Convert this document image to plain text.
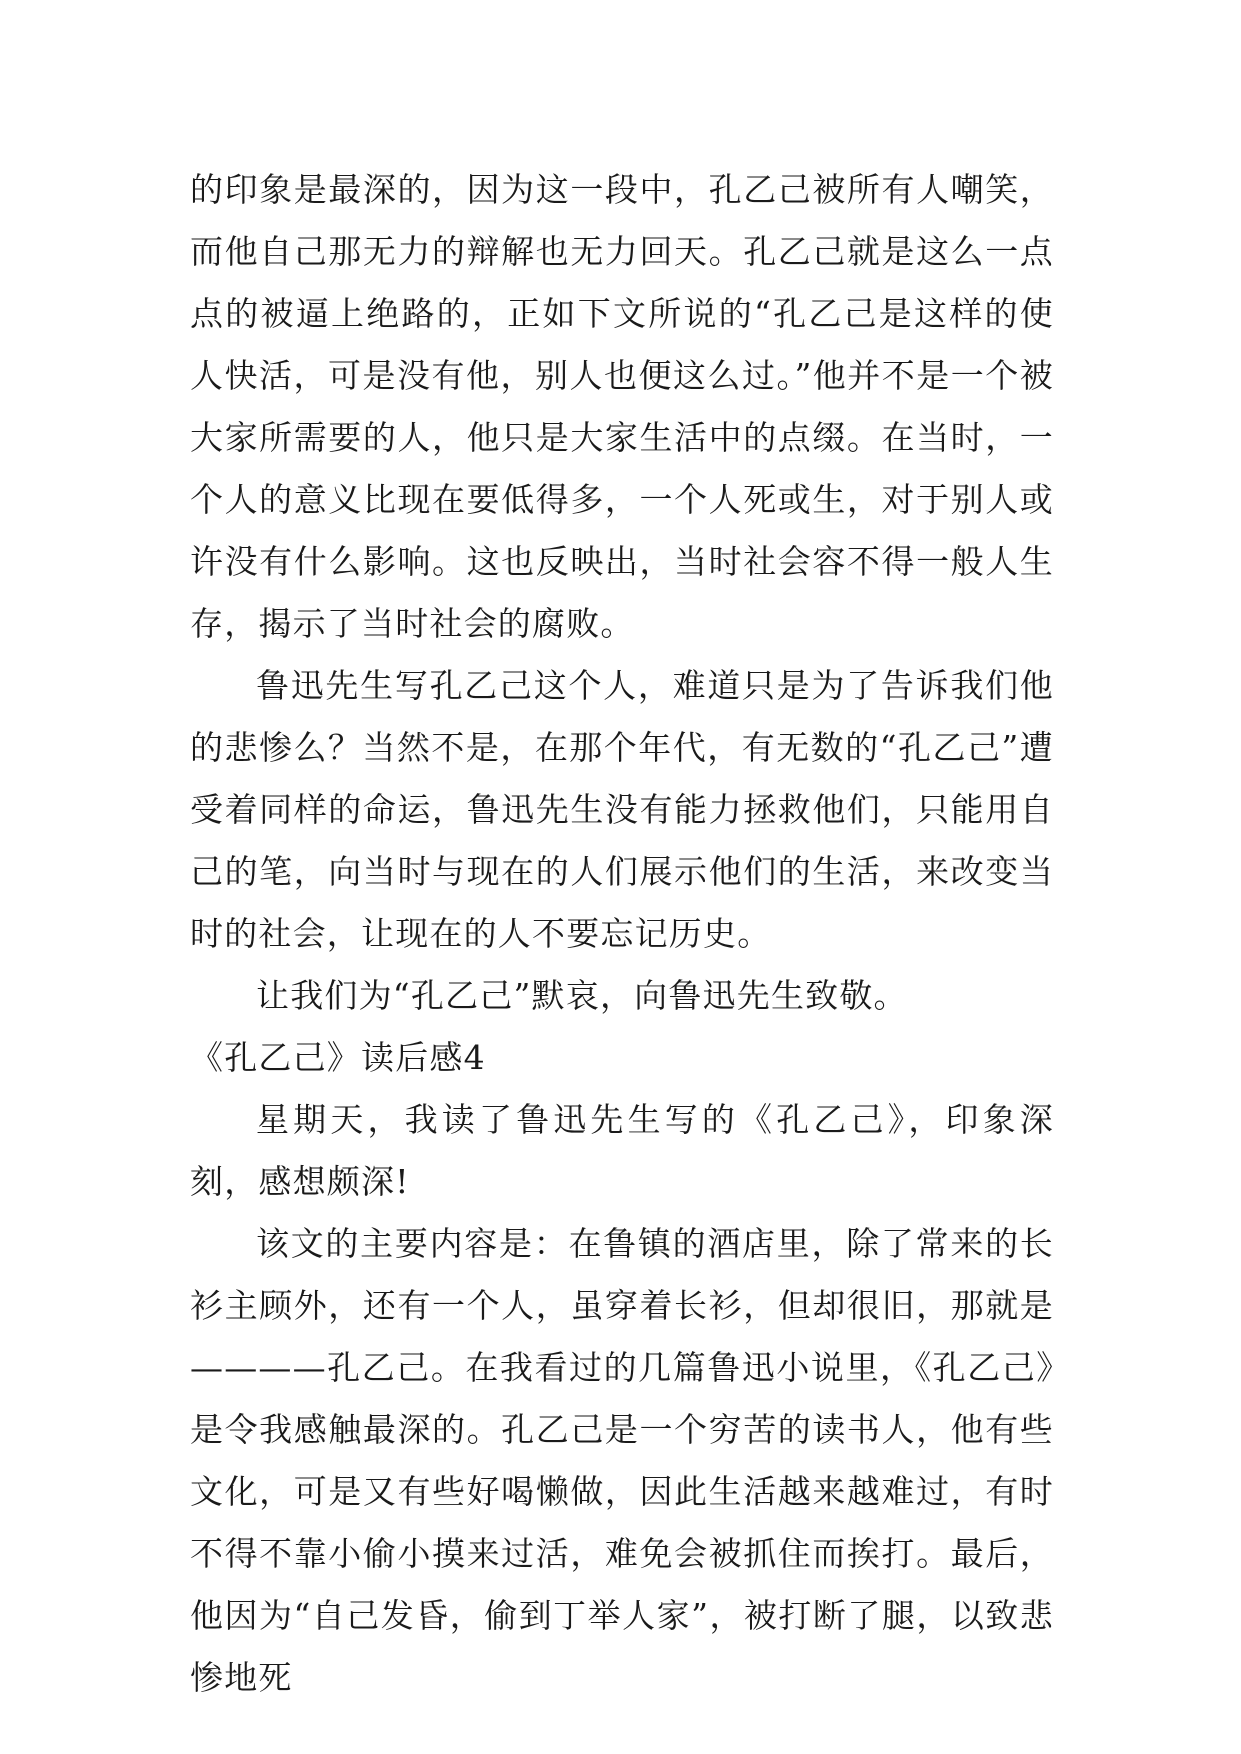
的印象是最深的，因为这一段中，孔乙己被所有人嘲笑，而他自己那无力的辩解也无力回天。孔乙己就是这么一点点的被逼上绝路的，正如下文所说的“孔乙己是这样的使人快活，可是没有他，别人也便这么过。”他并不是一个被大家所需要的人，他只是大家生活中的点缀。在当时，一个人的意义比现在要低得多，一个人死或生，对于别人或许没有什么影响。这也反映出，当时社会容不得一般人生存，揭示了当时社会的腐败。

鲁迅先生写孔乙己这个人，难道只是为了告诉我们他的悲惨么？当然不是，在那个年代，有无数的“孔乙己”遭受着同样的命运，鲁迅先生没有能力拯救他们，只能用自己的笔，向当时与现在的人们展示他们的生活，来改变当时的社会，让现在的人不要忘记历史。

让我们为“孔乙己”默哀，向鲁迅先生致敬。

《孔乙己》读后感4

星期天，我读了鲁迅先生写的《孔乙己》，印象深刻，感想颇深!

该文的主要内容是：在鲁镇的酒店里，除了常来的长衫主顾外，还有一个人，虽穿着长衫，但却很旧，那就是————孔乙己。在我看过的几篇鲁迅小说里，《孔乙己》是令我感触最深的。孔乙己是一个穷苦的读书人，他有些文化，可是又有些好喝懒做，因此生活越来越难过，有时不得不靠小偷小摸来过活，难免会被抓住而挨打。最后，他因为“自己发昏，偷到丁举人家”，被打断了腿，以致悲惨地死
